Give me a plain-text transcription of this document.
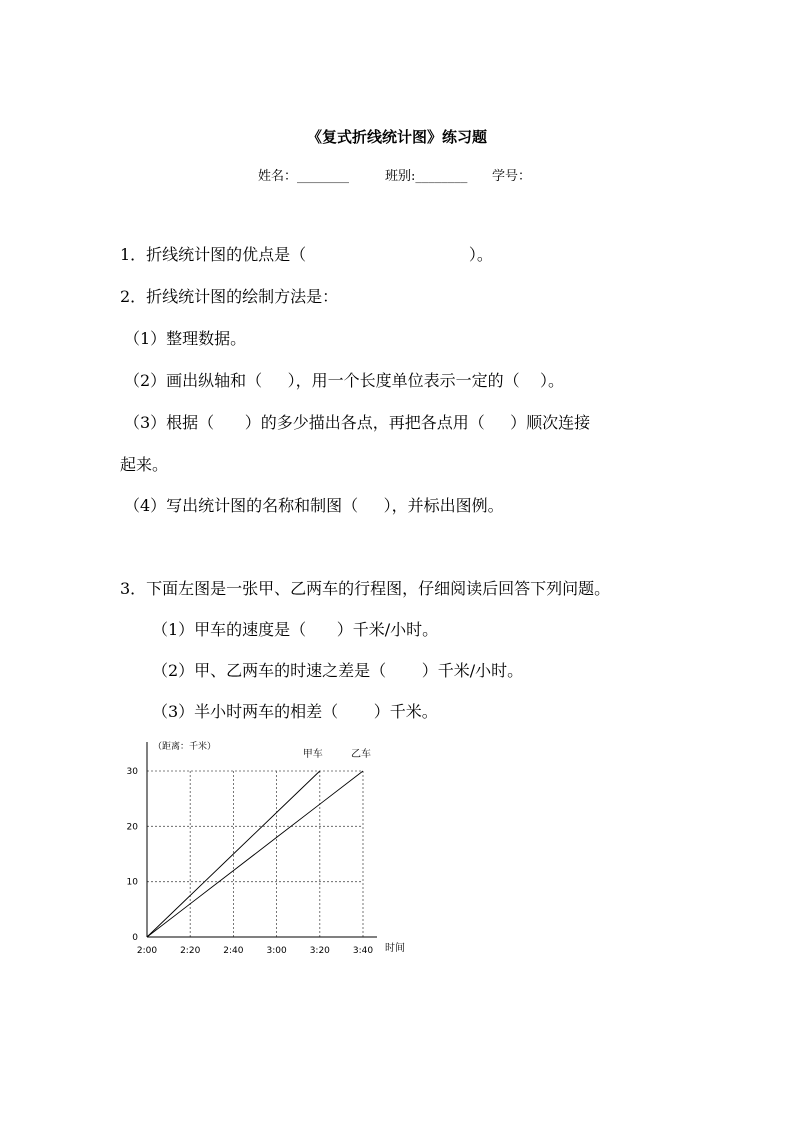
《复式折线统计图》练习题
姓名：________	班别:________ 学号：
1．折线统计图的优点是（                                ）。
2．折线统计图的绘制方法是：
（1）整理数据。
（2）画出纵轴和（     ），用一个长度单位表示一定的（    ）。
（3）根据（      ）的多少描出各点，再把各点用（     ）顺次连接
起来。
（4）写出统计图的名称和制图（     ），并标出图例。
3．下面左图是一张甲、乙两车的行程图，仔细阅读后回答下列问题。
（1）甲车的速度是（      ）千米/小时。
（2）甲、乙两车的时速之差是（       ）千米/小时。
（3）半小时两车的相差（       ）千米。
0
10
20
30
2:00	2:20	2:40	3:00	3:20	3:40
（距离：千米）
时间
甲车	乙车
